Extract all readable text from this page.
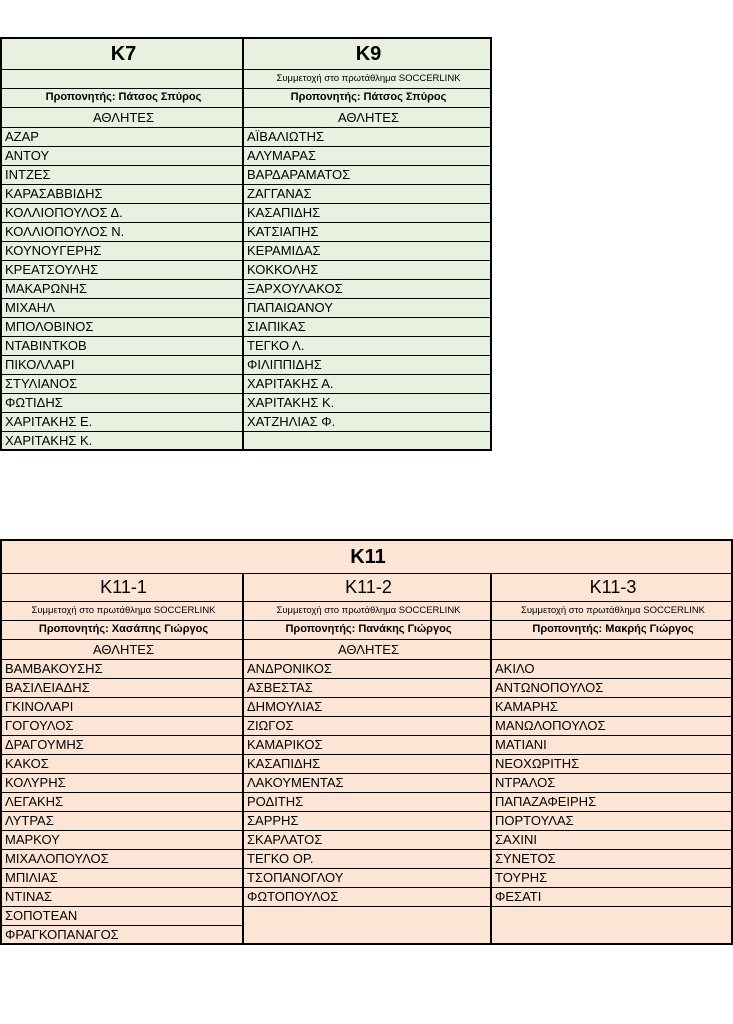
K7	K9
	Συμμετοχή στο πρωτάθλημα SOCCERLINK
Προπονητής: Πάτσος Σπύρος	Προπονητής: Πάτσος Σπύρος
ΑΘΛΗΤΕΣ	ΑΘΛΗΤΕΣ
ΑΖΑΡ	ΑΪΒΑΛΙΩΤΗΣ
ΑΝΤΟΥ	ΑΛΥΜΑΡΑΣ
ΙΝΤΖΕΣ	ΒΑΡΔΑΡΑΜΑΤΟΣ
ΚΑΡΑΣΑΒΒΙΔΗΣ	ΖΑΓΓΑΝΑΣ
ΚΟΛΛΙΟΠΟΥΛΟΣ Δ.	ΚΑΣΑΠΙΔΗΣ
ΚΟΛΛΙΟΠΟΥΛΟΣ Ν.	ΚΑΤΣΙΑΠΗΣ
ΚΟΥΝΟΥΓΕΡΗΣ	ΚΕΡΑΜΙΔΑΣ
ΚΡΕΑΤΣΟΥΛΗΣ	ΚΟΚΚΟΛΗΣ
ΜΑΚΑΡΩΝΗΣ	ΞΑΡΧΟΥΛΑΚΟΣ
ΜΙΧΑΗΛ	ΠΑΠΑΙΩΑΝΟΥ
ΜΠΟΛΟΒΙΝΟΣ	ΣΙΑΠΙΚΑΣ
ΝΤΑΒΙΝΤΚΟΒ	ΤΕΓΚΟ Λ.
ΠΙΚΟΛΛΑΡΙ	ΦΙΛΙΠΠΙΔΗΣ
ΣΤΥΛΙΑΝΟΣ	ΧΑΡΙΤΑΚΗΣ Α.
ΦΩΤΙΔΗΣ	ΧΑΡΙΤΑΚΗΣ Κ.
ΧΑΡΙΤΑΚΗΣ Ε.	ΧΑΤΖΗΛΙΑΣ Φ.
ΧΑΡΙΤΑΚΗΣ Κ.	
Κ11		
Κ11-1	Κ11-2	Κ11-3
Συμμετοχή στο πρωτάθλημα SOCCERLINK	Συμμετοχή στο πρωτάθλημα SOCCERLINK	Συμμετοχή στο πρωτάθλημα SOCCERLINK
Προπονητής: Χασάπης Γιώργος	Προπονητής: Πανάκης Γιώργος	Προπονητής: Μακρής Γιώργος
ΑΘΛΗΤΕΣ	ΑΘΛΗΤΕΣ	
ΒΑΜΒΑΚΟΥΣΗΣ	ΑΝΔΡΟΝΙΚΟΣ	ΑΚΙΛΟ
ΒΑΣΙΛΕΙΑΔΗΣ	ΑΣΒΕΣΤΑΣ	ΑΝΤΩΝΟΠΟΥΛΟΣ
ΓΚΙΝΟΛΑΡΙ	ΔΗΜΟΥΛΙΑΣ	ΚΑΜΑΡΗΣ
ΓΟΓΟΥΛΟΣ	ΖΙΩΓΟΣ	ΜΑΝΩΛΟΠΟΥΛΟΣ
ΔΡΑΓΟΥΜΗΣ	ΚΑΜΑΡΙΚΟΣ	ΜΑΤΙΑΝΙ
ΚΑΚΟΣ	ΚΑΣΑΠΙΔΗΣ	ΝΕΟΧΩΡΙΤΗΣ
ΚΟΛΥΡΗΣ	ΛΑΚΟΥΜΕΝΤΑΣ	ΝΤΡΑΛΟΣ
ΛΕΓΑΚΗΣ	ΡΟΔΙΤΗΣ	ΠΑΠΑΖΑΦΕΙΡΗΣ
ΛΥΤΡΑΣ	ΣΑΡΡΗΣ	ΠΟΡΤΟΥΛΑΣ
ΜΑΡΚΟΥ	ΣΚΑΡΛΑΤΟΣ	ΣΑΧΙΝΙ
ΜΙΧΑΛΟΠΟΥΛΟΣ	ΤΕΓΚΟ ΟΡ.	ΣΥΝΕΤΟΣ
ΜΠΙΛΙΑΣ	ΤΣΟΠΑΝΟΓΛΟΥ	ΤΟΥΡΗΣ
ΝΤΙΝΑΣ	ΦΩΤΟΠΟΥΛΟΣ	ΦΕΣΑΤΙ
ΣΟΠΟΤΕΑΝ		
ΦΡΑΓΚΟΠΑΝΑΓΟΣ		
